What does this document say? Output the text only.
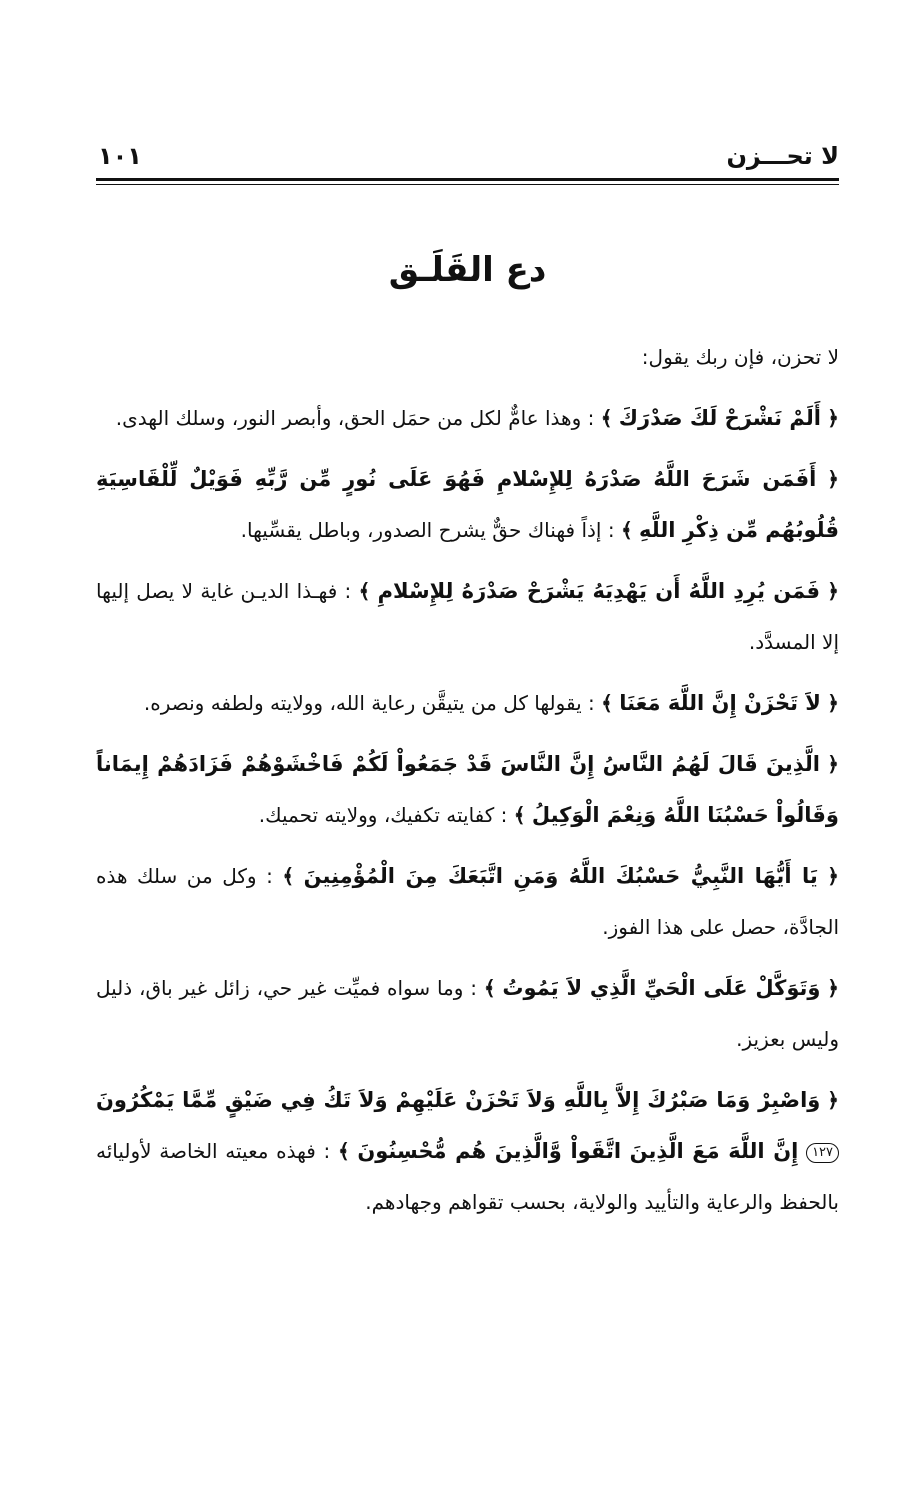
لا تحـــزن
١٠١
دع القَلَـق

لا تحزن، فإن ربك يقول:

﴿ أَلَمْ نَشْرَحْ لَكَ صَدْرَكَ ﴾ : وهذا عامٌّ لكل من حمَل الحق، وأبصر النور، وسلك الهدى.

﴿ أَفَمَن شَرَحَ اللَّهُ صَدْرَهُ لِلإِسْلامِ فَهُوَ عَلَى نُورٍ مِّن رَّبِّهِ فَوَيْلٌ لِّلْقَاسِيَةِ قُلُوبُهُم مِّن ذِكْرِ اللَّهِ ﴾ : إذاً فهناك حقٌّ يشرح الصدور، وباطل يقسِّيها.

﴿ فَمَن يُرِدِ اللَّهُ أَن يَهْدِيَهُ يَشْرَحْ صَدْرَهُ لِلإِسْلامِ ﴾ : فهـذا الديـن غاية لا يصل إليها إلا المسدَّد.

﴿ لاَ تَحْزَنْ إِنَّ اللَّهَ مَعَنَا ﴾ : يقولها كل من يتيقَّن رعاية الله، وولايته ولطفه ونصره.

﴿ الَّذِينَ قَالَ لَهُمُ النَّاسُ إِنَّ النَّاسَ قَدْ جَمَعُواْ لَكُمْ فَاخْشَوْهُمْ فَزَادَهُمْ إِيمَاناً وَقَالُواْ حَسْبُنَا اللَّهُ وَنِعْمَ الْوَكِيلُ ﴾ : كفايته تكفيك، وولايته تحميك.

﴿ يَا أَيُّهَا النَّبِيُّ حَسْبُكَ اللَّهُ وَمَنِ اتَّبَعَكَ مِنَ الْمُؤْمِنِينَ ﴾ : وكل من سلك هذه الجادَّة، حصل على هذا الفوز.

﴿ وَتَوَكَّلْ عَلَى الْحَيِّ الَّذِي لاَ يَمُوتُ ﴾ : وما سواه فميِّت غير حي، زائل غير باق، ذليل وليس بعزيز.

﴿ وَاصْبِرْ وَمَا صَبْرُكَ إِلاَّ بِاللَّهِ وَلاَ تَحْزَنْ عَلَيْهِمْ وَلاَ تَكُ فِي ضَيْقٍ مِّمَّا يَمْكُرُونَ ١٢٧ إِنَّ اللَّهَ مَعَ الَّذِينَ اتَّقَواْ وَّالَّذِينَ هُم مُّحْسِنُونَ ﴾ : فهذه معيته الخاصة لأوليائه بالحفظ والرعاية والتأييد والولاية، بحسب تقواهم وجهادهم.
